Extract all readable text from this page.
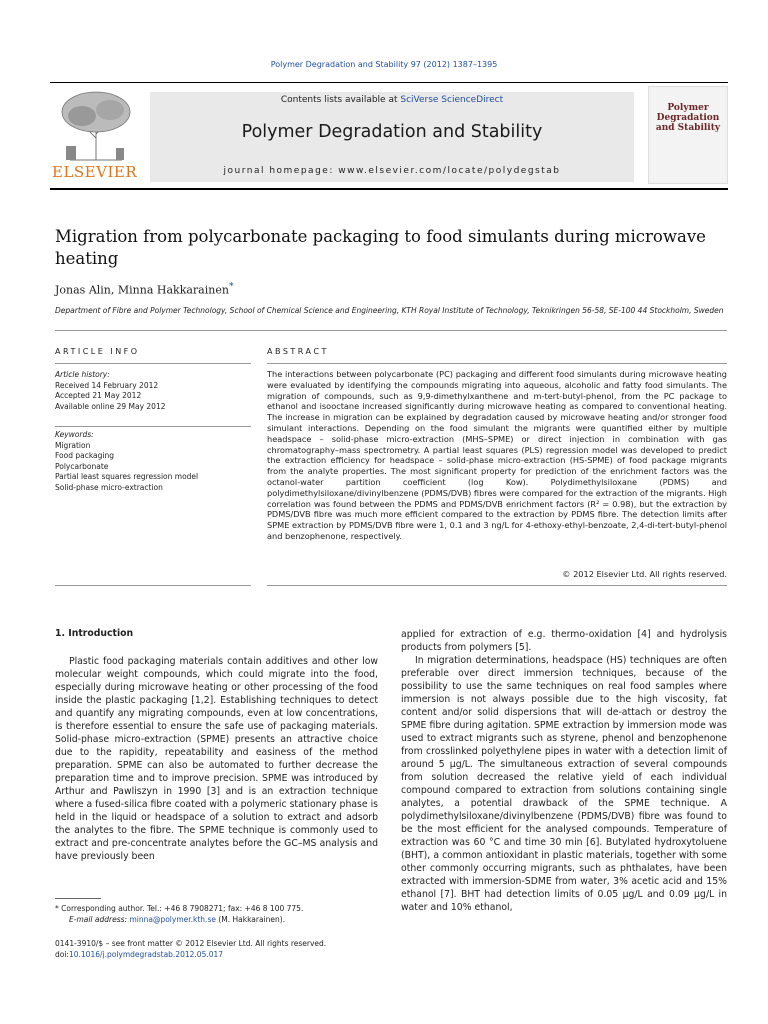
Polymer Degradation and Stability 97 (2012) 1387–1395
ELSEVIER
Contents lists available at SciVerse ScienceDirect
Polymer Degradation and Stability
journal homepage: www.elsevier.com/locate/polydegstab
Polymer Degradation and Stability
Migration from polycarbonate packaging to food simulants during microwave heating
Jonas Alin, Minna Hakkarainen*
Department of Fibre and Polymer Technology, School of Chemical Science and Engineering, KTH Royal Institute of Technology, Teknikringen 56-58, SE-100 44 Stockholm, Sweden
ARTICLE INFO	ABSTRACT
Article history:
Received 14 February 2012
Accepted 21 May 2012
Available online 29 May 2012
Keywords:
Migration
Food packaging
Polycarbonate
Partial least squares regression model
Solid-phase micro-extraction
The interactions between polycarbonate (PC) packaging and different food simulants during microwave heating were evaluated by identifying the compounds migrating into aqueous, alcoholic and fatty food simulants. The migration of compounds, such as 9,9-dimethylxanthene and m-tert-butyl-phenol, from the PC package to ethanol and isooctane increased significantly during microwave heating as compared to conventional heating. The increase in migration can be explained by degradation caused by microwave heating and/or stronger food simulant interactions. Depending on the food simulant the migrants were quantified either by multiple headspace – solid-phase micro-extraction (MHS–SPME) or direct injection in combination with gas chromatography–mass spectrometry. A partial least squares (PLS) regression model was developed to predict the extraction efficiency for headspace – solid-phase micro-extraction (HS-SPME) of food package migrants from the analyte properties. The most significant property for prediction of the enrichment factors was the octanol-water partition coefficient (log Kow). Polydimethylsiloxane (PDMS) and polydimethylsiloxane/divinylbenzene (PDMS/DVB) fibres were compared for the extraction of the migrants. High correlation was found between the PDMS and PDMS/DVB enrichment factors (R² = 0.98), but the extraction by PDMS/DVB fibre was much more efficient compared to the extraction by PDMS fibre. The detection limits after SPME extraction by PDMS/DVB fibre were 1, 0.1 and 3 ng/L for 4-ethoxy-ethyl-benzoate, 2,4-di-tert-butyl-phenol and benzophenone, respectively.
© 2012 Elsevier Ltd. All rights reserved.
1. Introduction

Plastic food packaging materials contain additives and other low molecular weight compounds, which could migrate into the food, especially during microwave heating or other processing of the food inside the plastic packaging [1,2]. Establishing techniques to detect and quantify any migrating compounds, even at low concentrations, is therefore essential to ensure the safe use of packaging materials. Solid-phase micro-extraction (SPME) presents an attractive choice due to the rapidity, repeatability and easiness of the method preparation. SPME can also be automated to further decrease the preparation time and to improve precision. SPME was introduced by Arthur and Pawliszyn in 1990 [3] and is an extraction technique where a fused-silica fibre coated with a polymeric stationary phase is held in the liquid or headspace of a solution to extract and adsorb the analytes to the fibre. The SPME technique is commonly used to extract and pre-concentrate analytes before the GC–MS analysis and have previously been

applied for extraction of e.g. thermo-oxidation [4] and hydrolysis products from polymers [5].

In migration determinations, headspace (HS) techniques are often preferable over direct immersion techniques, because of the possibility to use the same techniques on real food samples where immersion is not always possible due to the high viscosity, fat content and/or solid dispersions that will de-attach or destroy the SPME fibre during agitation. SPME extraction by immersion mode was used to extract migrants such as styrene, phenol and benzophenone from crosslinked polyethylene pipes in water with a detection limit of around 5 µg/L. The simultaneous extraction of several compounds from solution decreased the relative yield of each individual compound compared to extraction from solutions containing single analytes, a potential drawback of the SPME technique. A polydimethylsiloxane/divinylbenzene (PDMS/DVB) fibre was found to be the most efficient for the analysed compounds. Temperature of extraction was 60 °C and time 30 min [6]. Butylated hydroxytoluene (BHT), a common antioxidant in plastic materials, together with some other commonly occurring migrants, such as phthalates, have been extracted with immersion-SDME from water, 3% acetic acid and 15% ethanol [7]. BHT had detection limits of 0.05 µg/L and 0.09 µg/L in water and 10% ethanol,

* Corresponding author. Tel.: +46 8 7908271; fax: +46 8 100 775.
E-mail address: minna@polymer.kth.se (M. Hakkarainen).
0141-3910/$ – see front matter © 2012 Elsevier Ltd. All rights reserved.
doi:10.1016/j.polymdegradstab.2012.05.017
